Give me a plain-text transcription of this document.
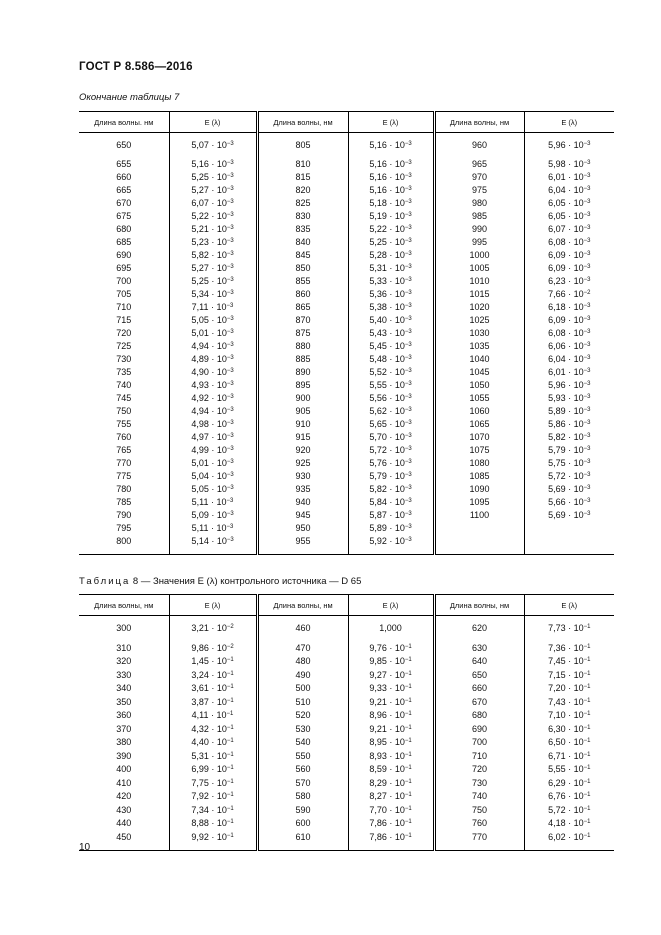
ГОСТ Р 8.586—2016
Окончание таблицы 7
Длина волны. нм	E (λ)	Длина волны, нм	E (λ)	Длина волны, нм	E (λ)
650	$5,07 \cdot 10^{-3}$	805	$5,16 \cdot 10^{-3}$	960	$5,96 \cdot 10^{-3}$
655	$5,16 \cdot 10^{-3}$	810	$5,16 \cdot 10^{-3}$	965	$5,98 \cdot 10^{-3}$
660	$5,25 \cdot 10^{-3}$	815	$5,16 \cdot 10^{-3}$	970	$6,01 \cdot 10^{-3}$
665	$5,27 \cdot 10^{-3}$	820	$5,16 \cdot 10^{-3}$	975	$6,04 \cdot 10^{-3}$
670	$6,07 \cdot 10^{-3}$	825	$5,18 \cdot 10^{-3}$	980	$6,05 \cdot 10^{-3}$
675	$5,22 \cdot 10^{-3}$	830	$5,19 \cdot 10^{-3}$	985	$6,05 \cdot 10^{-3}$
680	$5,21 \cdot 10^{-3}$	835	$5,22 \cdot 10^{-3}$	990	$6,07 \cdot 10^{-3}$
685	$5,23 \cdot 10^{-3}$	840	$5,25 \cdot 10^{-3}$	995	$6,08 \cdot 10^{-3}$
690	$5,82 \cdot 10^{-3}$	845	$5,28 \cdot 10^{-3}$	1000	$6,09 \cdot 10^{-3}$
695	$5,27 \cdot 10^{-3}$	850	$5,31 \cdot 10^{-3}$	1005	$6,09 \cdot 10^{-3}$
700	$5,25 \cdot 10^{-3}$	855	$5,33 \cdot 10^{-3}$	1010	$6,23 \cdot 10^{-3}$
705	$5,34 \cdot 10^{-3}$	860	$5,36 \cdot 10^{-3}$	1015	$7,66 \cdot 10^{-2}$
710	$7,11 \cdot 10^{-3}$	865	$5,38 \cdot 10^{-3}$	1020	$6,18 \cdot 10^{-3}$
715	$5,05 \cdot 10^{-3}$	870	$5,40 \cdot 10^{-3}$	1025	$6,09 \cdot 10^{-3}$
720	$5,01 \cdot 10^{-3}$	875	$5,43 \cdot 10^{-3}$	1030	$6,08 \cdot 10^{-3}$
725	$4,94 \cdot 10^{-3}$	880	$5,45 \cdot 10^{-3}$	1035	$6,06 \cdot 10^{-3}$
730	$4,89 \cdot 10^{-3}$	885	$5,48 \cdot 10^{-3}$	1040	$6,04 \cdot 10^{-3}$
735	$4,90 \cdot 10^{-3}$	890	$5,52 \cdot 10^{-3}$	1045	$6,01 \cdot 10^{-3}$
740	$4,93 \cdot 10^{-3}$	895	$5,55 \cdot 10^{-3}$	1050	$5,96 \cdot 10^{-3}$
745	$4,92 \cdot 10^{-3}$	900	$5,56 \cdot 10^{-3}$	1055	$5,93 \cdot 10^{-3}$
750	$4,94 \cdot 10^{-3}$	905	$5,62 \cdot 10^{-3}$	1060	$5,89 \cdot 10^{-3}$
755	$4,98 \cdot 10^{-3}$	910	$5,65 \cdot 10^{-3}$	1065	$5,86 \cdot 10^{-3}$
760	$4,97 \cdot 10^{-3}$	915	$5,70 \cdot 10^{-3}$	1070	$5,82 \cdot 10^{-3}$
765	$4,99 \cdot 10^{-3}$	920	$5,72 \cdot 10^{-3}$	1075	$5,79 \cdot 10^{-3}$
770	$5,01 \cdot 10^{-3}$	925	$5,76 \cdot 10^{-3}$	1080	$5,75 \cdot 10^{-3}$
775	$5,04 \cdot 10^{-3}$	930	$5,79 \cdot 10^{-3}$	1085	$5,72 \cdot 10^{-3}$
780	$5,05 \cdot 10^{-3}$	935	$5,82 \cdot 10^{-3}$	1090	$5,69 \cdot 10^{-3}$
785	$5,11 \cdot 10^{-3}$	940	$5,84 \cdot 10^{-3}$	1095	$5,66 \cdot 10^{-3}$
790	$5,09 \cdot 10^{-3}$	945	$5,87 \cdot 10^{-3}$	1100	$5,69 \cdot 10^{-3}$
795	$5,11 \cdot 10^{-3}$	950	$5,89 \cdot 10^{-3}$		
800	$5,14 \cdot 10^{-3}$	955	$5,92 \cdot 10^{-3}$		
Таблица 8 — Значения E (λ) контрольного источника — D 65
Длина волны, нм	E (λ)	Длина волны, нм	E (λ)	Длина волны, нм	E (λ)
300	$3,21 \cdot 10^{-2}$	460	1,000	620	$7,73 \cdot 10^{-1}$
310	$9,86 \cdot 10^{-2}$	470	$9,76 \cdot 10^{-1}$	630	$7,36 \cdot 10^{-1}$
320	$1,45 \cdot 10^{-1}$	480	$9,85 \cdot 10^{-1}$	640	$7,45 \cdot 10^{-1}$
330	$3,24 \cdot 10^{-1}$	490	$9,27 \cdot 10^{-1}$	650	$7,15 \cdot 10^{-1}$
340	$3,61 \cdot 10^{-1}$	500	$9,33 \cdot 10^{-1}$	660	$7,20 \cdot 10^{-1}$
350	$3,87 \cdot 10^{-1}$	510	$9,21 \cdot 10^{-1}$	670	$7,43 \cdot 10^{-1}$
360	$4,11 \cdot 10^{-1}$	520	$8,96 \cdot 10^{-1}$	680	$7,10 \cdot 10^{-1}$
370	$4,32 \cdot 10^{-1}$	530	$9,21 \cdot 10^{-1}$	690	$6,30 \cdot 10^{-1}$
380	$4,40 \cdot 10^{-1}$	540	$8,95 \cdot 10^{-1}$	700	$6,50 \cdot 10^{-1}$
390	$5,31 \cdot 10^{-1}$	550	$8,93 \cdot 10^{-1}$	710	$6,71 \cdot 10^{-1}$
400	$6,99 \cdot 10^{-1}$	560	$8,59 \cdot 10^{-1}$	720	$5,55 \cdot 10^{-1}$
410	$7,75 \cdot 10^{-1}$	570	$8,29 \cdot 10^{-1}$	730	$6,29 \cdot 10^{-1}$
420	$7,92 \cdot 10^{-1}$	580	$8,27 \cdot 10^{-1}$	740	$6,76 \cdot 10^{-1}$
430	$7,34 \cdot 10^{-1}$	590	$7,70 \cdot 10^{-1}$	750	$5,72 \cdot 10^{-1}$
440	$8,88 \cdot 10^{-1}$	600	$7,86 \cdot 10^{-1}$	760	$4,18 \cdot 10^{-1}$
450	$9,92 \cdot 10^{-1}$	610	$7,86 \cdot 10^{-1}$	770	$6,02 \cdot 10^{-1}$
10
